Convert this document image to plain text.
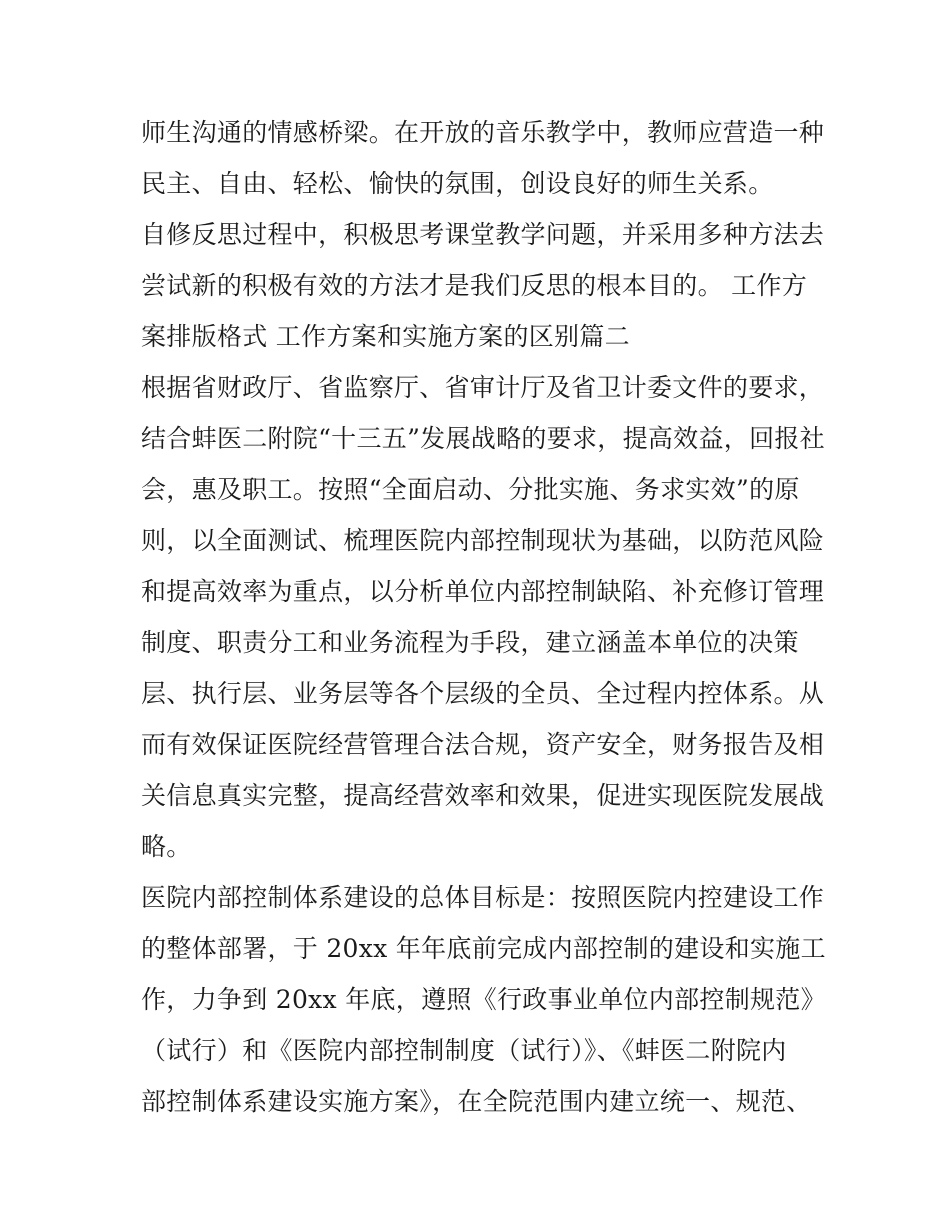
师生沟通的情感桥梁。在开放的音乐教学中，教师应营造一种
民主、自由、轻松、愉快的氛围，创设良好的师生关系。
自修反思过程中，积极思考课堂教学问题，并采用多种方法去
尝试新的积极有效的方法才是我们反思的根本目的。 工作方
案排版格式 工作方案和实施方案的区别篇二
根据省财政厅、省监察厅、省审计厅及省卫计委文件的要求，
结合蚌医二附院“十三五”发展战略的要求，提高效益，回报社
会，惠及职工。按照“全面启动、分批实施、务求实效”的原
则，以全面测试、梳理医院内部控制现状为基础，以防范风险
和提高效率为重点，以分析单位内部控制缺陷、补充修订管理
制度、职责分工和业务流程为手段，建立涵盖本单位的决策
层、执行层、业务层等各个层级的全员、全过程内控体系。从
而有效保证医院经营管理合法合规，资产安全，财务报告及相
关信息真实完整，提高经营效率和效果，促进实现医院发展战
略。
医院内部控制体系建设的总体目标是：按照医院内控建设工作
的整体部署，于 20xx 年年底前完成内部控制的建设和实施工
作，力争到 20xx 年底，遵照《行政事业单位内部控制规范》
（试行）和《医院内部控制制度（试行）》、《蚌医二附院内
部控制体系建设实施方案》，在全院范围内建立统一、规范、
